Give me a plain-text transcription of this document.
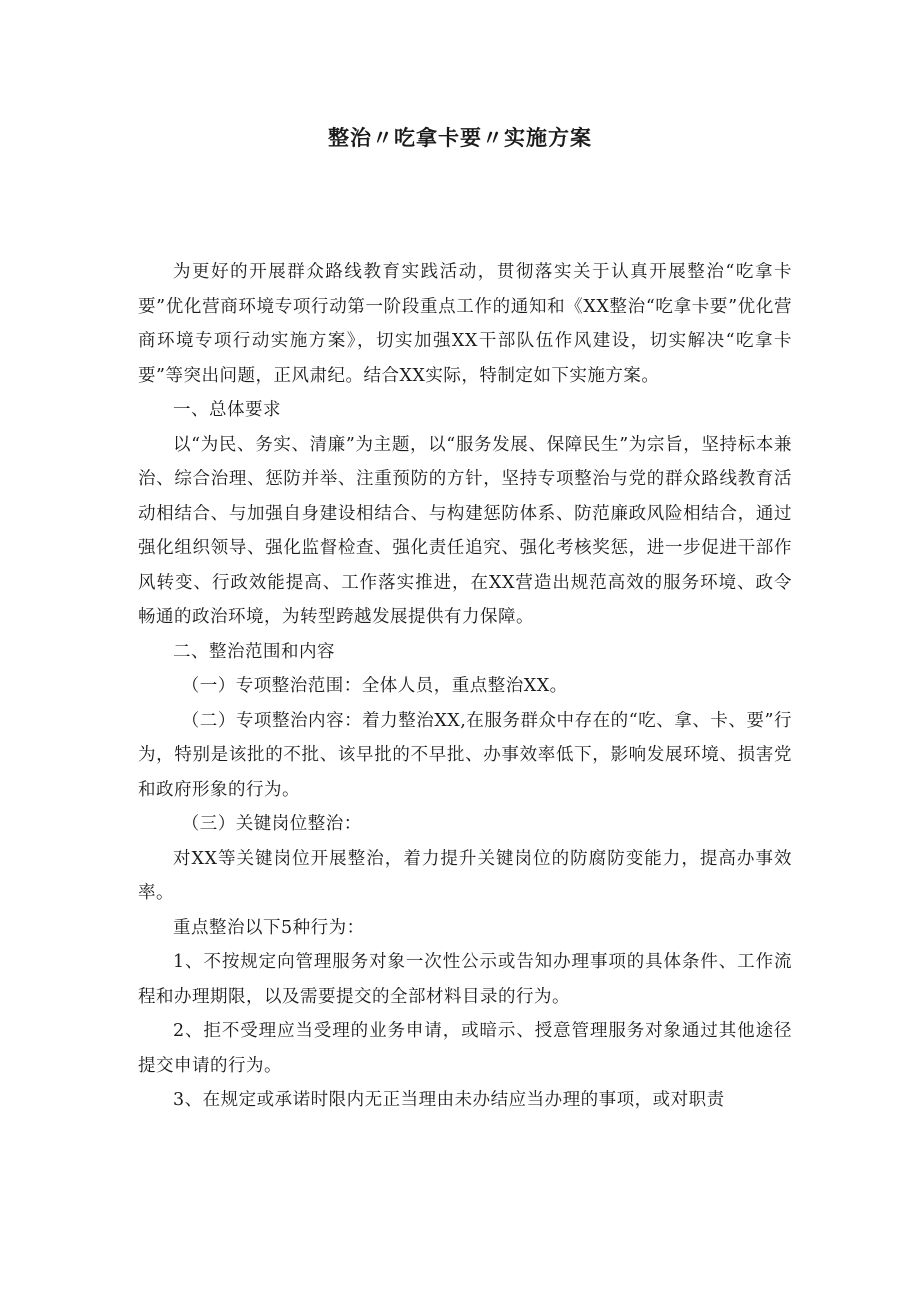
整治〃吃拿卡要〃实施方案

为更好的开展群众路线教育实践活动，贯彻落实关于认真开展整治“吃拿卡要”优化营商环境专项行动第一阶段重点工作的通知和《XX整治“吃拿卡要”优化营商环境专项行动实施方案》，切实加强XX干部队伍作风建设，切实解决“吃拿卡要”等突出问题，正风肃纪。结合XX实际，特制定如下实施方案。

一、总体要求

以“为民、务实、清廉”为主题，以“服务发展、保障民生”为宗旨，坚持标本兼治、综合治理、惩防并举、注重预防的方针，坚持专项整治与党的群众路线教育活动相结合、与加强自身建设相结合、与构建惩防体系、防范廉政风险相结合，通过强化组织领导、强化监督检查、强化责任追究、强化考核奖惩，进一步促进干部作风转变、行政效能提高、工作落实推进，在XX营造出规范高效的服务环境、政令畅通的政治环境，为转型跨越发展提供有力保障。

二、整治范围和内容

（一）专项整治范围：全体人员，重点整治XX。

（二）专项整治内容：着力整治XX,在服务群众中存在的“吃、拿、卡、要”行为，特别是该批的不批、该早批的不早批、办事效率低下，影响发展环境、损害党和政府形象的行为。

（三）关键岗位整治：

对XX等关键岗位开展整治，着力提升关键岗位的防腐防变能力，提高办事效率。

重点整治以下5种行为：

1、不按规定向管理服务对象一次性公示或告知办理事项的具体条件、工作流程和办理期限，以及需要提交的全部材料目录的行为。

2、拒不受理应当受理的业务申请，或暗示、授意管理服务对象通过其他途径提交申请的行为。

3、在规定或承诺时限内无正当理由未办结应当办理的事项，或对职责
